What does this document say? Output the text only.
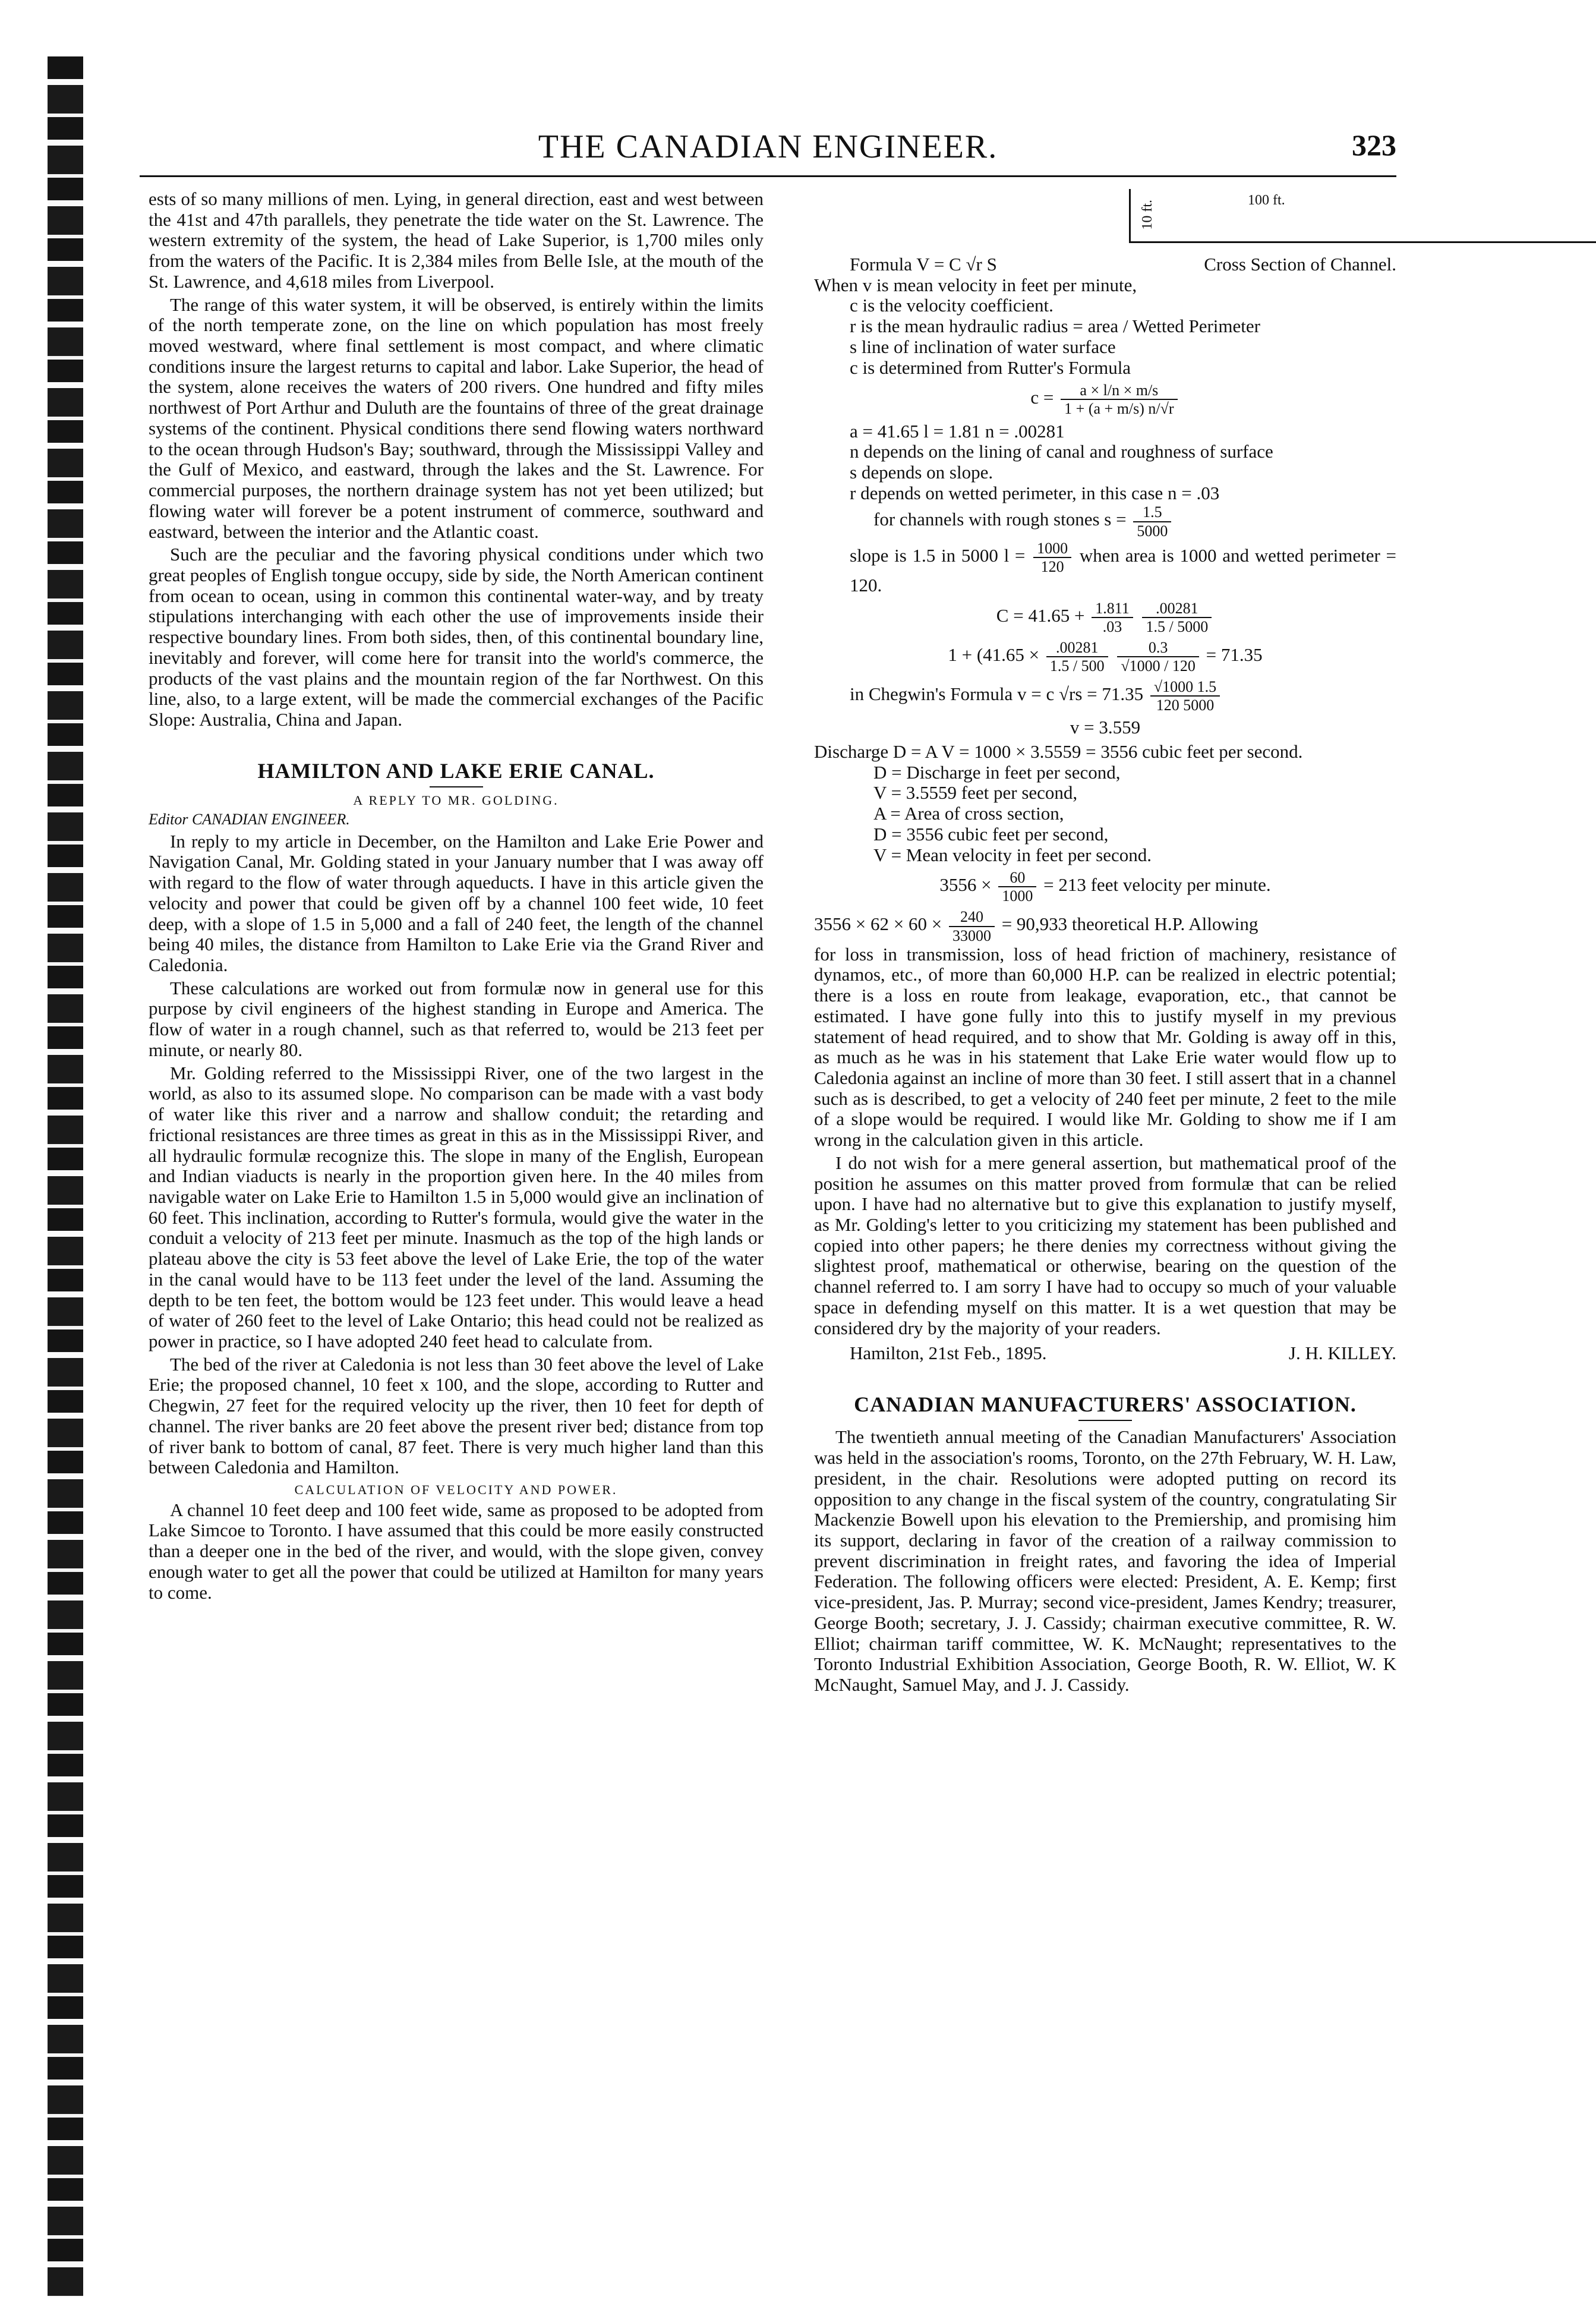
THE CANADIAN ENGINEER.	323

ests of so many millions of men. Lying, in general direction, east and west between the 41st and 47th parallels, they penetrate the tide water on the St. Lawrence. The western extremity of the system, the head of Lake Superior, is 1,700 miles only from the waters of the Pacific. It is 2,384 miles from Belle Isle, at the mouth of the St. Lawrence, and 4,618 miles from Liverpool.

The range of this water system, it will be observed, is entirely within the limits of the north temperate zone, on the line on which population has most freely moved westward, where final settlement is most compact, and where climatic conditions insure the largest returns to capital and labor. Lake Superior, the head of the system, alone receives the waters of 200 rivers. One hundred and fifty miles northwest of Port Arthur and Duluth are the fountains of three of the great drainage systems of the continent. Physical conditions there send flowing waters northward to the ocean through Hudson's Bay; southward, through the Mississippi Valley and the Gulf of Mexico, and eastward, through the lakes and the St. Lawrence. For commercial purposes, the northern drainage system has not yet been utilized; but flowing water will forever be a potent instrument of commerce, southward and eastward, between the interior and the Atlantic coast.

Such are the peculiar and the favoring physical conditions under which two great peoples of English tongue occupy, side by side, the North American continent from ocean to ocean, using in common this continental water-way, and by treaty stipulations interchanging with each other the use of improvements inside their respective boundary lines. From both sides, then, of this continental boundary line, inevitably and forever, will come here for transit into the world's commerce, the products of the vast plains and the mountain region of the far Northwest. On this line, also, to a large extent, will be made the commercial exchanges of the Pacific Slope: Australia, China and Japan.

HAMILTON AND LAKE ERIE CANAL.
A REPLY TO MR. GOLDING.
Editor CANADIAN ENGINEER.

In reply to my article in December, on the Hamilton and Lake Erie Power and Navigation Canal, Mr. Golding stated in your January number that I was away off with regard to the flow of water through aqueducts. I have in this article given the velocity and power that could be given off by a channel 100 feet wide, 10 feet deep, with a slope of 1.5 in 5,000 and a fall of 240 feet, the length of the channel being 40 miles, the distance from Hamilton to Lake Erie via the Grand River and Caledonia.

These calculations are worked out from formulæ now in general use for this purpose by civil engineers of the highest standing in Europe and America. The flow of water in a rough channel, such as that referred to, would be 213 feet per minute, or nearly 80.

Mr. Golding referred to the Mississippi River, one of the two largest in the world, as also to its assumed slope. No comparison can be made with a vast body of water like this river and a narrow and shallow conduit; the retarding and frictional resistances are three times as great in this as in the Mississippi River, and all hydraulic formulæ recognize this. The slope in many of the English, European and Indian viaducts is nearly in the proportion given here. In the 40 miles from navigable water on Lake Erie to Hamilton 1.5 in 5,000 would give an inclination of 60 feet. This inclination, according to Rutter's formula, would give the water in the conduit a velocity of 213 feet per minute. Inasmuch as the top of the high lands or plateau above the city is 53 feet above the level of Lake Erie, the top of the water in the canal would have to be 113 feet under the level of the land. Assuming the depth to be ten feet, the bottom would be 123 feet under. This would leave a head of water of 260 feet to the level of Lake Ontario; this head could not be realized as power in practice, so I have adopted 240 feet head to calculate from.

The bed of the river at Caledonia is not less than 30 feet above the level of Lake Erie; the proposed channel, 10 feet x 100, and the slope, according to Rutter and Chegwin, 27 feet for the required velocity up the river, then 10 feet for depth of channel. The river banks are 20 feet above the present river bed; distance from top of river bank to bottom of canal, 87 feet. There is very much higher land than this between Caledonia and Hamilton.

CALCULATION OF VELOCITY AND POWER.

A channel 10 feet deep and 100 feet wide, same as proposed to be adopted from Lake Simcoe to Toronto. I have assumed that this could be more easily constructed than a deeper one in the bed of the river, and would, with the slope given, convey enough water to get all the power that could be utilized at Hamilton for many years to come.

10 ft.	100 ft.
Formula V = C √r S	Cross Section of Channel.
When v is mean velocity in feet per minute,
c is the velocity coefficient.
r is the mean hydraulic radius = area / Wetted Perimeter
s line of inclination of water surface
c is determined from Rutter's Formula
$c = \frac{a \times l/n \times m/s}{1 + (a + m/s) n/√r}$
a = 41.65 l = 1.81 n = .00281
n depends on the lining of canal and roughness of surface
s depends on slope.
r depends on wetted perimeter, in this case n = .03
for channels with rough stones $s = \frac{1.5}{5000}$
slope is 1.5 in 5000 $l = \frac{1000}{120}$ when area is 1000 and wetted perimeter = 120.
$C = 41.65 + \frac{1.811}{.03}$
$\frac{.00281}{1.5 / 5000}$
$1 + (41.65 \times \frac{.00281}{1.5 / 500}$
$\frac{0.3}{√1000 / 120} = 71.35$
in Chegwin's Formula v = c $√rs = 71.35 \frac{√1000 1.5}{120 5000}$
v = 3.559
Discharge D = A V = 1000 × 3.5559 = 3556 cubic feet per second.
D = Discharge in feet per second,
V = 3.5559 feet per second,
A = Area of cross section,
D = 3556 cubic feet per second,
V = Mean velocity in feet per second.
$3556 \times \frac{60}{1000} = 213$ feet velocity per minute.
$3556 \times 62 \times 60 \times \frac{240}{33000} = 90,933$ theoretical H.P. Allowing

for loss in transmission, loss of head friction of machinery, resistance of dynamos, etc., of more than 60,000 H.P. can be realized in electric potential; there is a loss en route from leakage, evaporation, etc., that cannot be estimated. I have gone fully into this to justify myself in my previous statement of head required, and to show that Mr. Golding is away off in this, as much as he was in his statement that Lake Erie water would flow up to Caledonia against an incline of more than 30 feet. I still assert that in a channel such as is described, to get a velocity of 240 feet per minute, 2 feet to the mile of a slope would be required. I would like Mr. Golding to show me if I am wrong in the calculation given in this article.

I do not wish for a mere general assertion, but mathematical proof of the position he assumes on this matter proved from formulæ that can be relied upon. I have had no alternative but to give this explanation to justify myself, as Mr. Golding's letter to you criticizing my statement has been published and copied into other papers; he there denies my correctness without giving the slightest proof, mathematical or otherwise, bearing on the question of the channel referred to. I am sorry I have had to occupy so much of your valuable space in defending myself on this matter. It is a wet question that may be considered dry by the majority of your readers.

Hamilton, 21st Feb., 1895.	J. H. KILLEY.
CANADIAN MANUFACTURERS' ASSOCIATION.

The twentieth annual meeting of the Canadian Manufacturers' Association was held in the association's rooms, Toronto, on the 27th February, W. H. Law, president, in the chair. Resolutions were adopted putting on record its opposition to any change in the fiscal system of the country, congratulating Sir Mackenzie Bowell upon his elevation to the Premiership, and promising him its support, declaring in favor of the creation of a railway commission to prevent discrimination in freight rates, and favoring the idea of Imperial Federation. The following officers were elected: President, A. E. Kemp; first vice-president, Jas. P. Murray; second vice-president, James Kendry; treasurer, George Booth; secretary, J. J. Cassidy; chairman executive committee, R. W. Elliot; chairman tariff committee, W. K. McNaught; representatives to the Toronto Industrial Exhibition Association, George Booth, R. W. Elliot, W. K McNaught, Samuel May, and J. J. Cassidy.
